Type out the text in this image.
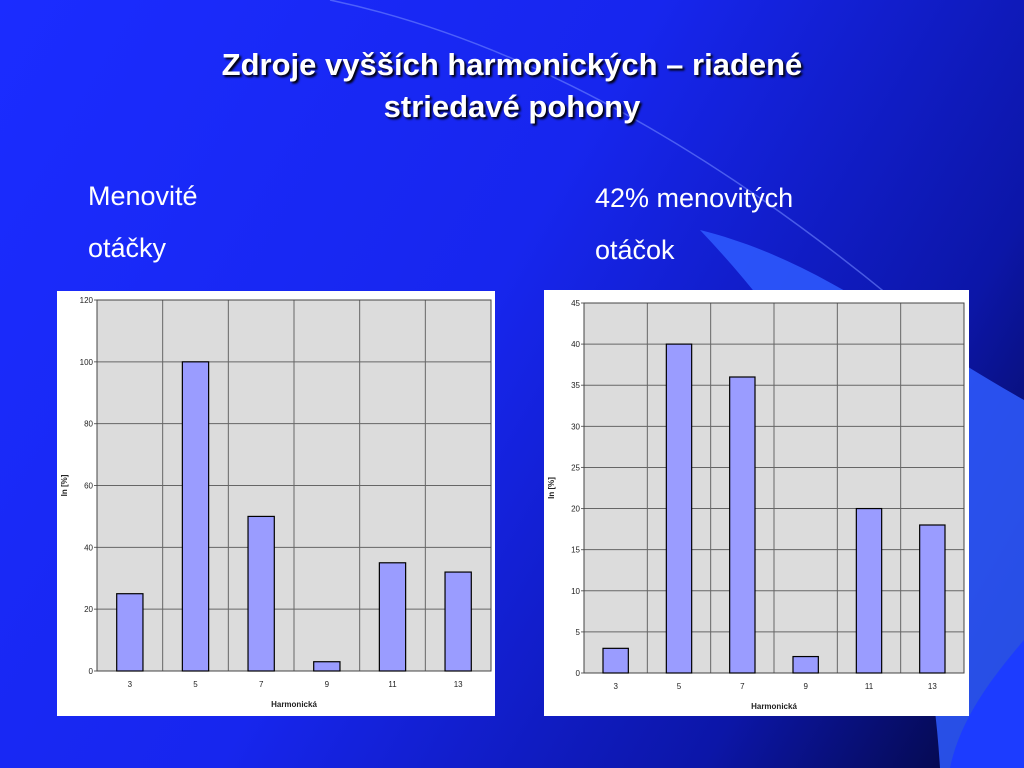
Zdroje vyšších harmonických – riadené
striedavé pohony
Menovité
otáčky
42% menovitých
otáčok
0
20
40
60
80
100
120
3	5	7	9	11	13
Harmonická
In [%]
0
5
10
15
20
25
30
35
40
45
3	5	7	9	11	13
Harmonická
In [%]
